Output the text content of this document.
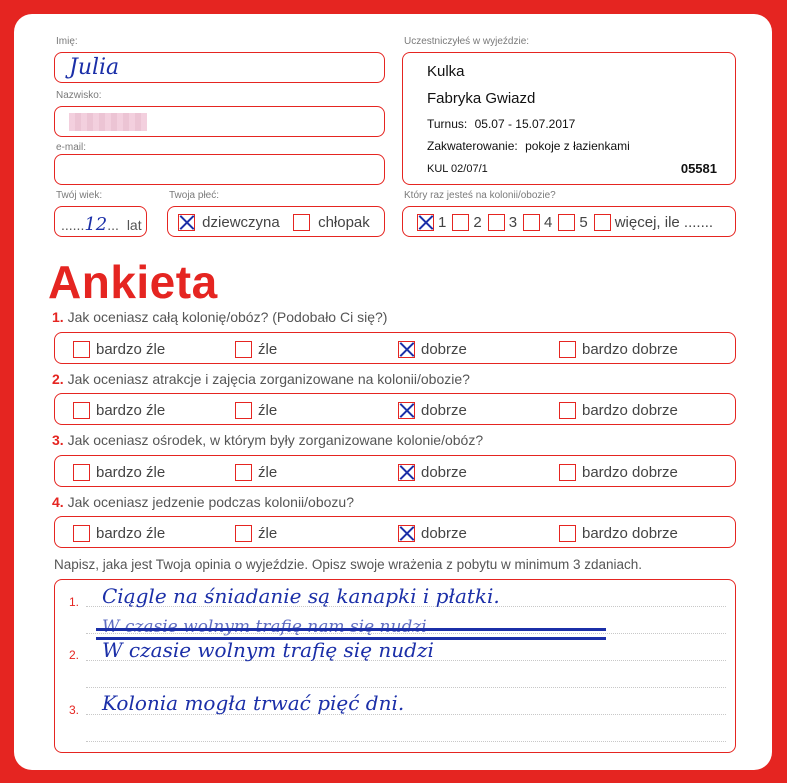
Imię:
Julia
Nazwisko:
e-mail:
Twój wiek:
......12... lat
Twoja płeć:
dziewczyna	chłopak
Uczestniczyłeś w wyjeździe:
Kulka
Fabryka Gwiazd
Turnus: 05.07 - 15.07.2017
Zakwaterowanie: pokoje z łazienkami
KUL 02/07/1	05581
Który raz jesteś na kolonii/obozie?
1 2 3 4 5 więcej, ile .......
Ankieta
1. Jak oceniasz całą kolonię/obóz? (Podobało Ci się?)
bardzo źle	źle	dobrze	bardzo dobrze
2. Jak oceniasz atrakcje i zajęcia zorganizowane na kolonii/obozie?
bardzo źle	źle	dobrze	bardzo dobrze
3. Jak oceniasz ośrodek, w którym były zorganizowane kolonie/obóz?
bardzo źle	źle	dobrze	bardzo dobrze
4. Jak oceniasz jedzenie podczas kolonii/obozu?
bardzo źle	źle	dobrze	bardzo dobrze
Napisz, jaka jest Twoja opinia o wyjeździe. Opisz swoje wrażenia z pobytu w minimum 3 zdaniach.
1.
2.
3.
Ciągle na śniadanie są kanapki i płatki.
W czasie wolnym trafię nam się nudzi
W czasie wolnym trafię się nudzi
Kolonia mogła trwać pięć dni.
